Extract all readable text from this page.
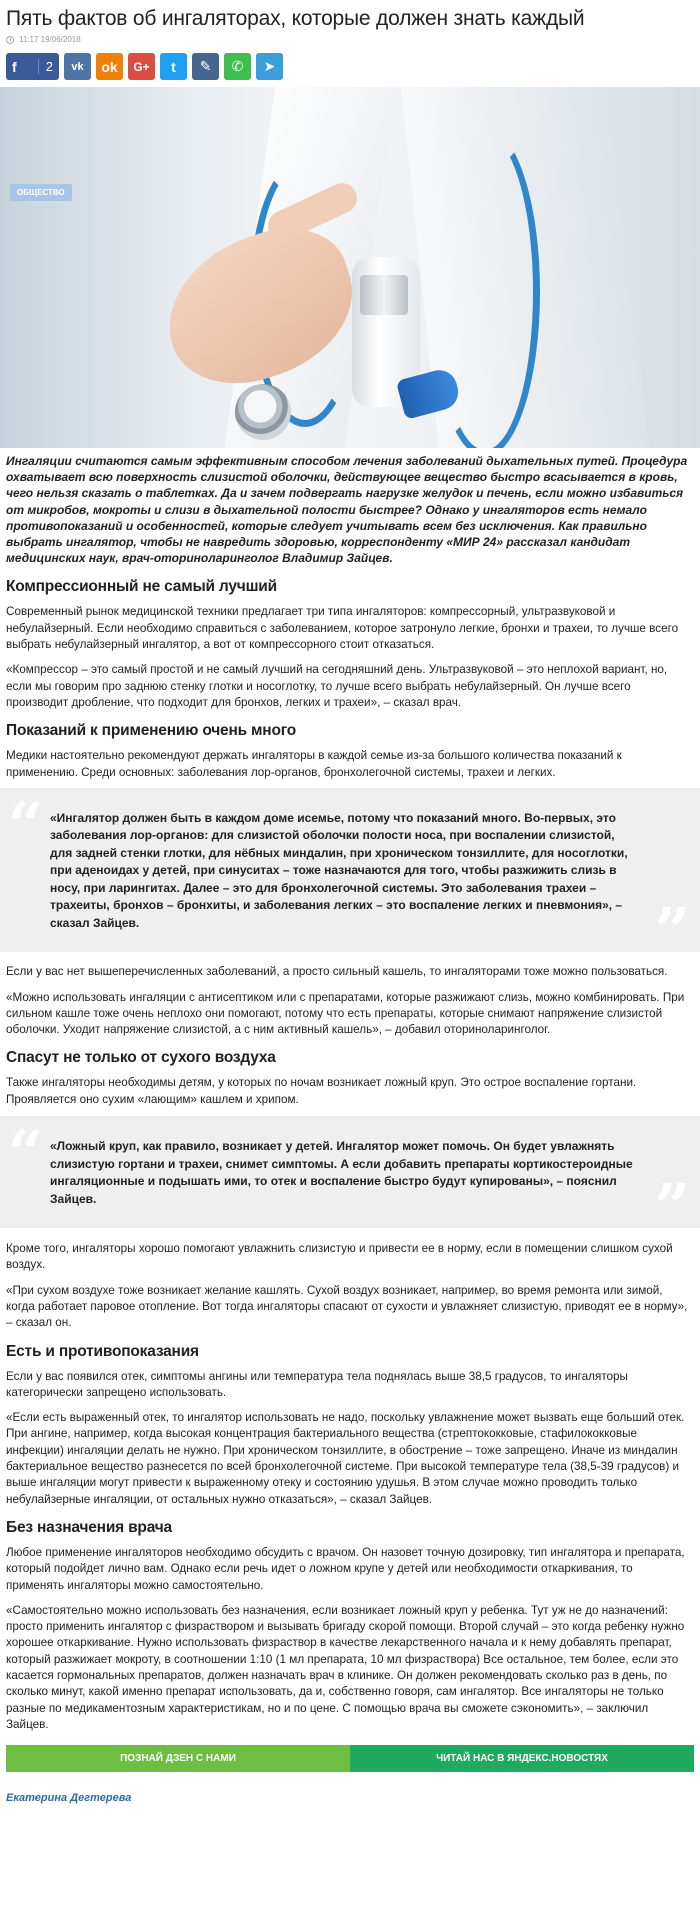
Пять фактов об ингаляторах, которые должен знать каждый
11:17 19/06/2018
f	2 vk ok G+ t ✎ ✆ ➤
ОБЩЕСТВО

Ингаляции считаются самым эффективным способом лечения заболеваний дыхательных путей. Процедура охватывает всю поверхность слизистой оболочки, действующее вещество быстро всасывается в кровь, чего нельзя сказать о таблетках. Да и зачем подвергать нагрузке желудок и печень, если можно избавиться от микробов, мокроты и слизи в дыхательной полости быстрее? Однако у ингаляторов есть немало противопоказаний и особенностей, которые следует учитывать всем без исключения. Как правильно выбрать ингалятор, чтобы не навредить здоровью, корреспонденту «МИР 24» рассказал кандидат медицинских наук, врач-оториноларинголог Владимир Зайцев.

Компрессионный не самый лучший

Современный рынок медицинской техники предлагает три типа ингаляторов: компрессорный, ультразвуковой и небулайзерный. Если необходимо справиться с заболеванием, которое затронуло легкие, бронхи и трахеи, то лучше всего выбрать небулайзерный ингалятор, а вот от компрессорного стоит отказаться.

«Компрессор – это самый простой и не самый лучший на сегодняшний день. Ультразвуковой – это неплохой вариант, но, если мы говорим про заднюю стенку глотки и носоглотку, то лучше всего выбрать небулайзерный. Он лучше всего производит дробление, что подходит для бронхов, легких и трахеи», – сказал врач.

Показаний к применению очень много

Медики настоятельно рекомендуют держать ингаляторы в каждой семье из-за большого количества показаний к применению. Среди основных: заболевания лор-органов, бронхолегочной системы, трахеи и легких.

“ «Ингалятор должен быть в каждом доме исемье, потому что показаний много. Во-первых, это заболевания лор-органов: для слизистой оболочки полости носа, при воспалении слизистой, для задней стенки глотки, для нёбных миндалин, при хроническом тонзиллите, для носоглотки, при аденоидах у детей, при синуситах – тоже назначаются для того, чтобы разжижить слизь в носу, при ларингитах. Далее – это для бронхолегочной системы. Это заболевания трахеи – трахеиты, бронхов – бронхиты, и заболевания легких – это воспаление легких и пневмония», – сказал Зайцев.	”

Если у вас нет вышеперечисленных заболеваний, а просто сильный кашель, то ингаляторами тоже можно пользоваться.

«Можно использовать ингаляции с антисептиком или с препаратами, которые разжижают слизь, можно комбинировать. При сильном кашле тоже очень неплохо они помогают, потому что есть препараты, которые снимают напряжение слизистой оболочки. Уходит напряжение слизистой, а с ним активный кашель», – добавил оториноларинголог.

Спасут не только от сухого воздуха

Также ингаляторы необходимы детям, у которых по ночам возникает ложный круп. Это острое воспаление гортани. Проявляется оно сухим «лающим» кашлем и хрипом.

“ «Ложный круп, как правило, возникает у детей. Ингалятор может помочь. Он будет увлажнять слизистую гортани и трахеи, снимет симптомы. А если добавить препараты кортикостероидные ингаляционные и подышать ими, то отек и воспаление быстро будут купированы», – пояснил Зайцев.	”

Кроме того, ингаляторы хорошо помогают увлажнить слизистую и привести ее в норму, если в помещении слишком сухой воздух.

«При сухом воздухе тоже возникает желание кашлять. Сухой воздух возникает, например, во время ремонта или зимой, когда работает паровое отопление. Вот тогда ингаляторы спасают от сухости и увлажняет слизистую, приводят ее в норму», – сказал он.

Есть и противопоказания

Если у вас появился отек, симптомы ангины или температура тела поднялась выше 38,5 градусов, то ингаляторы категорически запрещено использовать.

«Если есть выраженный отек, то ингалятор использовать не надо, поскольку увлажнение может вызвать еще больший отек. При ангине, например, когда высокая концентрация бактериального вещества (стрептококковые, стафилококковые инфекции) ингаляции делать не нужно. При хроническом тонзиллите, в обострение – тоже запрещено. Иначе из миндалин бактериальное вещество разнесется по всей бронхолегочной системе. При высокой температуре тела (38,5-39 градусов) и выше ингаляции могут привести к выраженному отеку и состоянию удушья. В этом случае можно проводить только небулайзерные ингаляции, от остальных нужно отказаться», – сказал Зайцев.

Без назначения врача

Любое применение ингаляторов необходимо обсудить с врачом. Он назовет точную дозировку, тип ингалятора и препарата, который подойдет лично вам. Однако если речь идет о ложном крупе у детей или необходимости откаркивания, то применять ингаляторы можно самостоятельно.

«Самостоятельно можно использовать без назначения, если возникает ложный круп у ребенка. Тут уж не до назначений: просто применить ингалятор с физраствором и вызывать бригаду скорой помощи. Второй случай – это когда ребенку нужно хорошее откаркивание. Нужно использовать физраствор в качестве лекарственного начала и к нему добавлять препарат, который разжижает мокроту, в соотношении 1:10 (1 мл препарата, 10 мл физраствора) Все остальное, тем более, если это касается гормональных препаратов, должен назначать врач в клинике. Он должен рекомендовать сколько раз в день, по сколько минут, какой именно препарат использовать, да и, собственно говоря, сам ингалятор. Все ингаляторы не только разные по медикаментозным характеристикам, но и по цене. С помощью врача вы сможете сэкономить», – заключил Зайцев.

ПОЗНАЙ ДЗЕН С НАМИ	ЧИТАЙ НАС В ЯНДЕКС.НОВОСТЯХ

Екатерина Дегтерева
